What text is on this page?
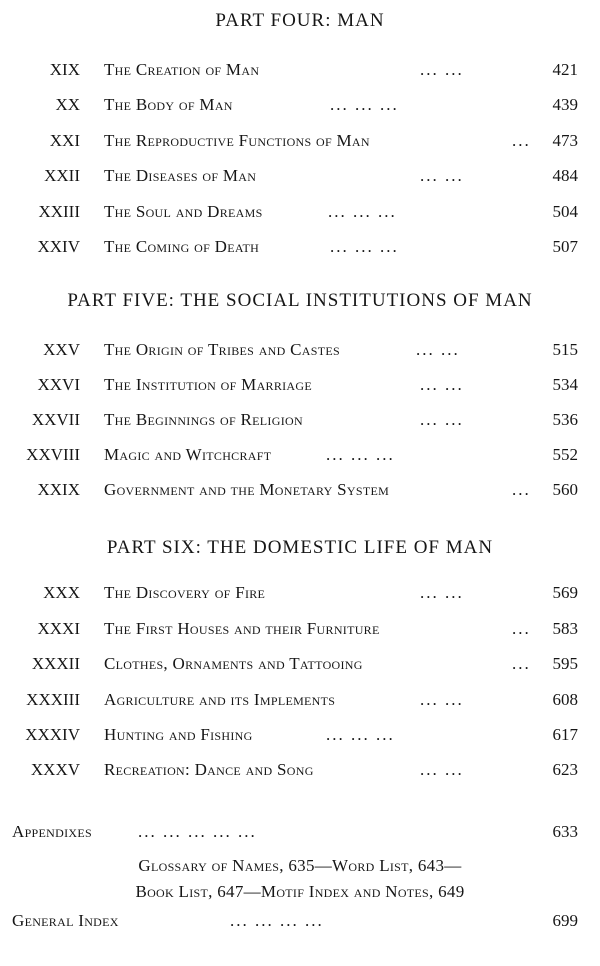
PART FOUR: MAN
XIX The Creation of Man	... ...	421
XX The Body of Man	... ... ...	439
XXI The Reproductive Functions of Man	... 473
XXII The Diseases of Man	... ...	484
XXIII The Soul and Dreams	... ... ...	504
XXIV The Coming of Death	... ... ...	507
PART FIVE: THE SOCIAL INSTITUTIONS OF MAN
XXV The Origin of Tribes and Castes	... ...	515
XXVI The Institution of Marriage	... ...	534
XXVII The Beginnings of Religion	... ...	536
XXVIII Magic and Witchcraft	... ... ...	552
XXIX Government and the Monetary System	... 560
PART SIX: THE DOMESTIC LIFE OF MAN
XXX The Discovery of Fire	... ...	569
XXXI The First Houses and their Furniture	... 583
XXXII Clothes, Ornaments and Tattooing	... 595
XXXIII Agriculture and its Implements	... ...	608
XXXIV Hunting and Fishing	... ... ...	617
XXXV Recreation: Dance and Song	... ...	623
Appendixes	... ... ... ... ...	633
Glossary of Names, 635—Word List, 643—
Book List, 647—Motif Index and Notes, 649
General Index	... ... ... ...	699
